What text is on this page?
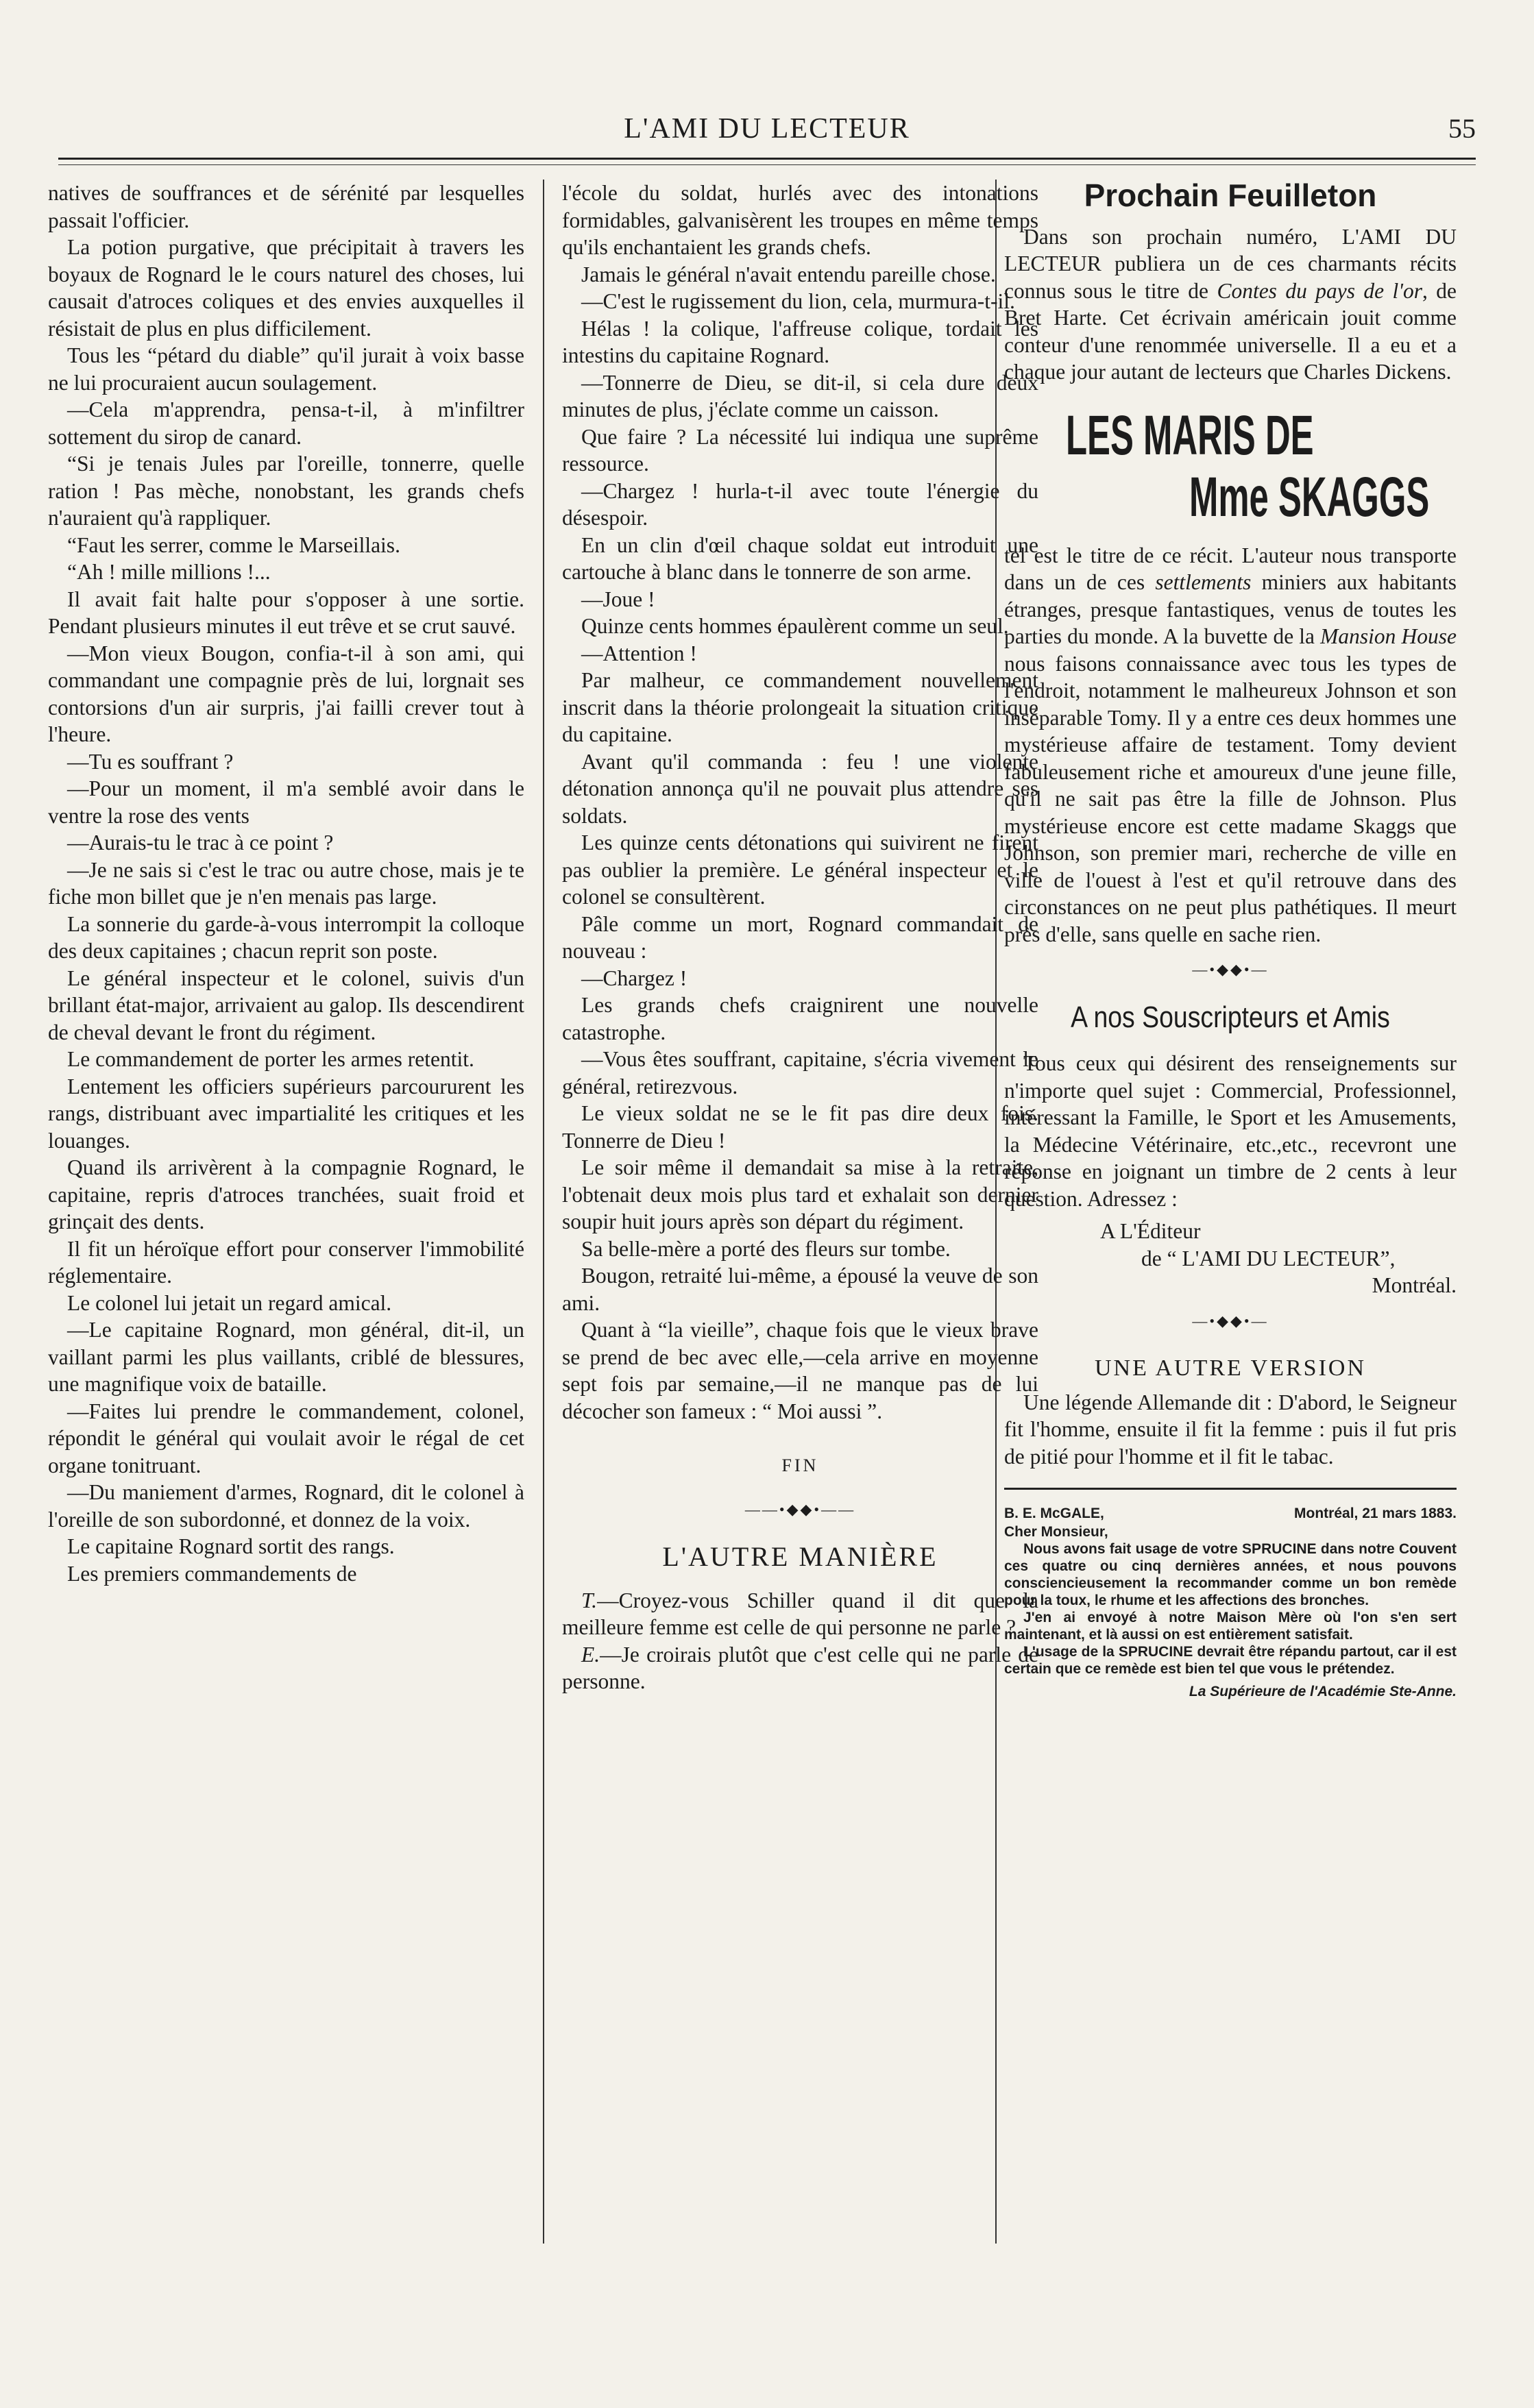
L'AMI DU LECTEUR	55

natives de souffrances et de sérénité par lesquelles passait l'officier.

La potion purgative, que précipitait à travers les boyaux de Rognard le le cours naturel des choses, lui causait d'atroces coliques et des envies auxquelles il résistait de plus en plus difficilement.

Tous les “pétard du diable” qu'il jurait à voix basse ne lui procuraient aucun soulagement.

—Cela m'apprendra, pensa-t-il, à m'infiltrer sottement du sirop de canard.

“Si je tenais Jules par l'oreille, tonnerre, quelle ration ! Pas mèche, nonobstant, les grands chefs n'auraient qu'à rappliquer.

“Faut les serrer, comme le Marseillais.

“Ah ! mille millions !...

Il avait fait halte pour s'opposer à une sortie. Pendant plusieurs minutes il eut trêve et se crut sauvé.

—Mon vieux Bougon, confia-t-il à son ami, qui commandant une compagnie près de lui, lorgnait ses contorsions d'un air surpris, j'ai failli crever tout à l'heure.

—Tu es souffrant ?

—Pour un moment, il m'a semblé avoir dans le ventre la rose des vents

—Aurais-tu le trac à ce point ?

—Je ne sais si c'est le trac ou autre chose, mais je te fiche mon billet que je n'en menais pas large.

La sonnerie du garde-à-vous interrompit la colloque des deux capitaines ; chacun reprit son poste.

Le général inspecteur et le colonel, suivis d'un brillant état-major, arrivaient au galop. Ils descendirent de cheval devant le front du régiment.

Le commandement de porter les armes retentit.

Lentement les officiers supérieurs parcoururent les rangs, distribuant avec impartialité les critiques et les louanges.

Quand ils arrivèrent à la compagnie Rognard, le capitaine, repris d'atroces tranchées, suait froid et grinçait des dents.

Il fit un héroïque effort pour conserver l'immobilité réglementaire.

Le colonel lui jetait un regard amical.

—Le capitaine Rognard, mon général, dit-il, un vaillant parmi les plus vaillants, criblé de blessures, une magnifique voix de bataille.

—Faites lui prendre le commandement, colonel, répondit le général qui voulait avoir le régal de cet organe tonitruant.

—Du maniement d'armes, Rognard, dit le colonel à l'oreille de son subordonné, et donnez de la voix.

Le capitaine Rognard sortit des rangs.

Les premiers commandements de

l'école du soldat, hurlés avec des intonations formidables, galvanisèrent les troupes en même temps qu'ils enchantaient les grands chefs.

Jamais le général n'avait entendu pareille chose.

—C'est le rugissement du lion, cela, murmura-t-il.

Hélas ! la colique, l'affreuse colique, tordait les intestins du capitaine Rognard.

—Tonnerre de Dieu, se dit-il, si cela dure deux minutes de plus, j'éclate comme un caisson.

Que faire ? La nécessité lui indiqua une suprême ressource.

—Chargez ! hurla-t-il avec toute l'énergie du désespoir.

En un clin d'œil chaque soldat eut introduit une cartouche à blanc dans le tonnerre de son arme.

—Joue !

Quinze cents hommes épaulèrent comme un seul.

—Attention !

Par malheur, ce commandement nouvellement inscrit dans la théorie prolongeait la situation critique du capitaine.

Avant qu'il commanda : feu ! une violente détonation annonça qu'il ne pouvait plus attendre ses soldats.

Les quinze cents détonations qui suivirent ne firent pas oublier la première. Le général inspecteur et le colonel se consultèrent.

Pâle comme un mort, Rognard commandait de nouveau :

—Chargez !

Les grands chefs craignirent une nouvelle catastrophe.

—Vous êtes souffrant, capitaine, s'écria vivement le général, retirezvous.

Le vieux soldat ne se le fit pas dire deux fois. Tonnerre de Dieu !

Le soir même il demandait sa mise à la retraite, l'obtenait deux mois plus tard et exhalait son dernier soupir huit jours après son départ du régiment.

Sa belle-mère a porté des fleurs sur tombe.

Bougon, retraité lui-même, a épousé la veuve de son ami.

Quant à “la vieille”, chaque fois que le vieux brave se prend de bec avec elle,—cela arrive en moyenne sept fois par semaine,—il ne manque pas de lui décocher son fameux : “ Moi aussi ”.

FIN
——•◆◆•——
L'AUTRE MANIÈRE

T.—Croyez-vous Schiller quand il dit que la meilleure femme est celle de qui personne ne parle ?

E.—Je croirais plutôt que c'est celle qui ne parle de personne.

Prochain Feuilleton

Dans son prochain numéro, L'AMI DU LECTEUR publiera un de ces charmants récits connus sous le titre de Contes du pays de l'or, de Bret Harte. Cet écrivain américain jouit comme conteur d'une renommée universelle. Il a eu et a chaque jour autant de lecteurs que Charles Dickens.

LES MARIS DE
Mme SKAGGS

tel est le titre de ce récit. L'auteur nous transporte dans un de ces settlements miniers aux habitants étranges, presque fantastiques, venus de toutes les parties du monde. A la buvette de la Mansion House nous faisons connaissance avec tous les types de l'endroit, notamment le malheureux Johnson et son inséparable Tomy. Il y a entre ces deux hommes une mystérieuse affaire de testament. Tomy devient fabuleusement riche et amoureux d'une jeune fille, qu'il ne sait pas être la fille de Johnson. Plus mystérieuse encore est cette madame Skaggs que Johnson, son premier mari, recherche de ville en ville de l'ouest à l'est et qu'il retrouve dans des circonstances on ne peut plus pathétiques. Il meurt près d'elle, sans quelle en sache rien.

—•◆◆•—
A nos Souscripteurs et Amis

Tous ceux qui désirent des renseignements sur n'importe quel sujet : Commercial, Professionnel, intéressant la Famille, le Sport et les Amusements, la Médecine Vétérinaire, etc.,etc., recevront une réponse en joignant un timbre de 2 cents à leur question. Adressez :

A L'Éditeur
de “ L'AMI DU LECTEUR”,
Montréal.
—•◆◆•—
UNE AUTRE VERSION

Une légende Allemande dit : D'abord, le Seigneur fit l'homme, ensuite il fit la femme : puis il fut pris de pitié pour l'homme et il fit le tabac.

B. E. McGALE,	Montréal, 21 mars 1883.

Cher Monsieur,

Nous avons fait usage de votre SPRUCINE dans notre Couvent ces quatre ou cinq dernières années, et nous pouvons consciencieusement la recommander comme un bon remède pour la toux, le rhume et les affections des bronches.

J'en ai envoyé à notre Maison Mère où l'on s'en sert maintenant, et là aussi on est entièrement satisfait.

L'usage de la SPRUCINE devrait être répandu partout, car il est certain que ce remède est bien tel que vous le prétendez.

La Supérieure de l'Académie Ste-Anne.
